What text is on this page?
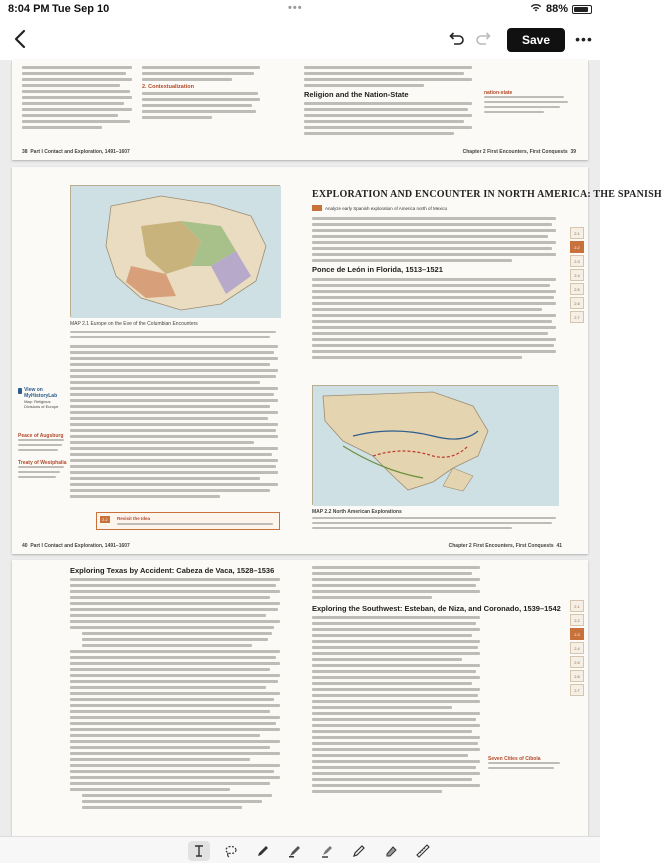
8:04 PM Tue Sep 10	•••	88%
Save	•••
2. Contextualization
Religion and the Nation-State	nation-state
38 Part I Contact and Exploration, 1491–1607	Chapter 2 First Encounters, First Conquests 39
MAP 2.1 Europe on the Eve of the Columbian Encounters
View on MyHistoryLab
Map: Religious Divisions of Europe
Peace of Augsburg
Treaty of Westphalia
2.2	Revisit the Idea
EXPLORATION AND ENCOUNTER IN NORTH AMERICA: THE SPANISH
Analyze early Spanish exploration of America north of Mexico
Ponce de León in Florida, 1513–1521
MAP 2.2 North American Explorations
2.1
2.2
2.3
2.4
2.5
2.6
2.7
40 Part I Contact and Exploration, 1491–1607	Chapter 2 First Encounters, First Conquests 41
Exploring Texas by Accident: Cabeza de Vaca, 1528–1536
Exploring the Southwest: Esteban, de Niza, and Coronado, 1539–1542
Seven Cities of Cíbola
2.1
2.2
2.3
2.4
2.5
2.6
2.7
